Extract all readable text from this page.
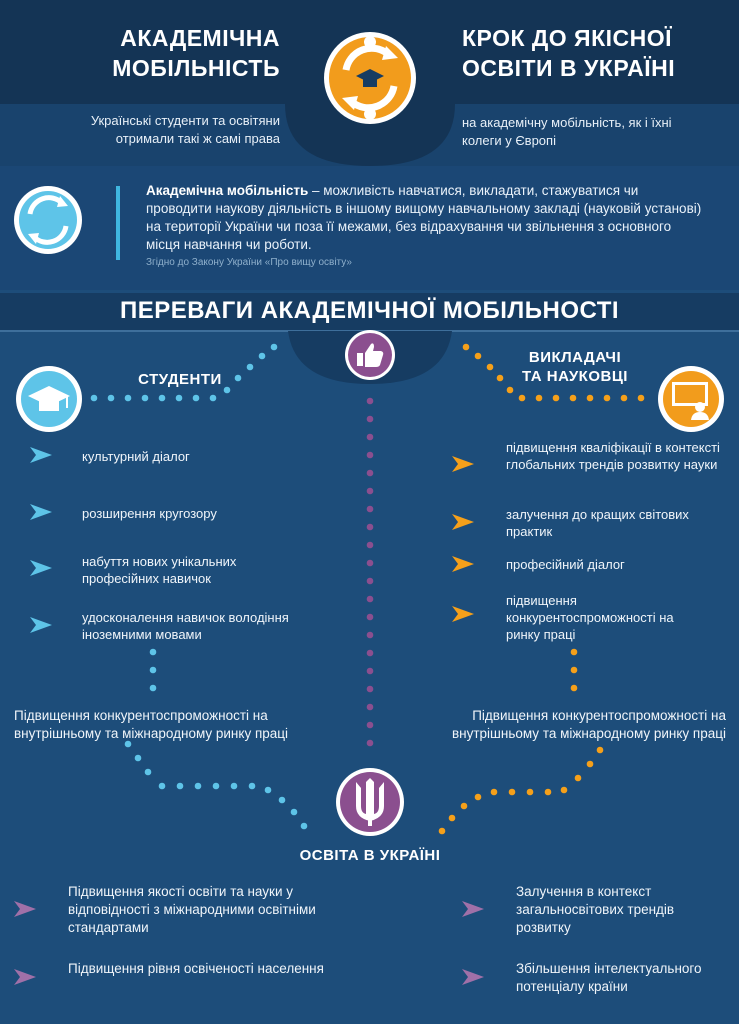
АКАДЕМІЧНА
МОБІЛЬНІСТЬ
КРОК ДО ЯКІСНОЇ
ОСВІТИ В УКРАЇНІ
Українські студенти та освітяни отримали такі ж самі права
на академічну мобільність, як і їхні колеги у Європі
Академічна мобільність – можливість навчатися, викладати, стажуватися чи проводити наукову діяльність в іншому вищому навчальному закладі (науковій установі) на території України чи поза її межами, без відрахування чи звільнення з основного місця навчання чи роботи.
Згідно до Закону України «Про вищу освіту»
ПЕРЕВАГИ АКАДЕМІЧНОЇ МОБІЛЬНОСТІ
СТУДЕНТИ
культурний діалог
розширення кругозору
набуття нових унікальних професійних навичок
удосконалення навичок володіння іноземними мовами
Підвищення конкурентоспроможності на внутрішньому та міжнародному ринку праці
ВИКЛАДАЧІ
ТА НАУКОВЦІ
підвищення кваліфікації в контексті глобальних трендів розвитку науки
залучення до кращих світових практик
професійний діалог
підвищення конкурентоспроможності на ринку праці
Підвищення конкурентоспроможності на внутрішньому та міжнародному ринку праці
ОСВІТА В УКРАЇНІ
Підвищення якості освіти та науки у відповідності з міжнародними освітніми стандартами
Підвищення рівня освіченості населення
Залучення в контекст загальносвітових трендів розвитку
Збільшення інтелектуального потенціалу країни
